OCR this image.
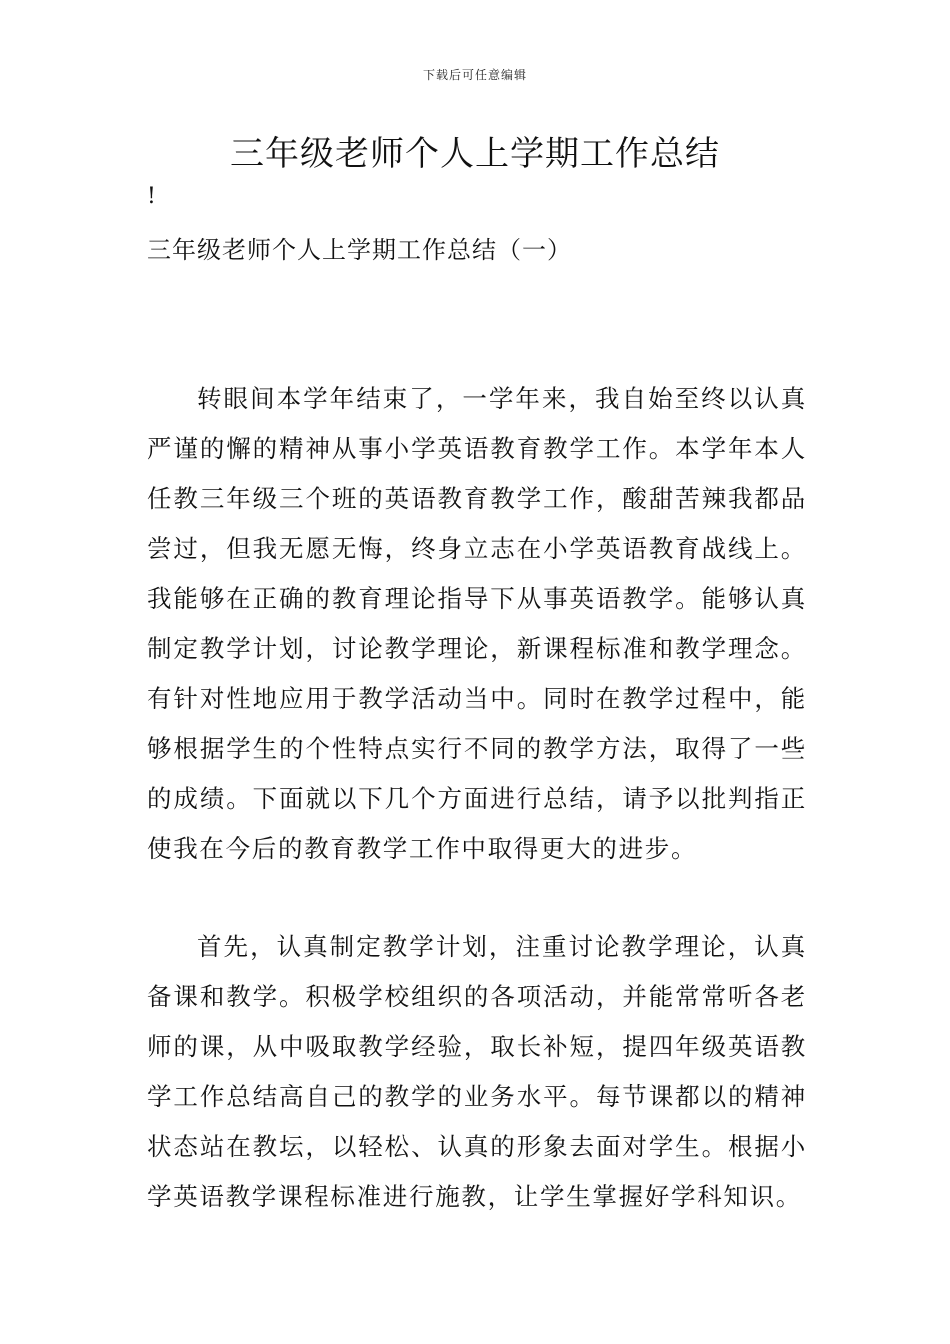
下载后可任意编辑
三年级老师个人上学期工作总结
!
三年级老师个人上学期工作总结（一）

转眼间本学年结束了，一学年来，我自始至终以认真严谨的懈的精神从事小学英语教育教学工作。本学年本人任教三年级三个班的英语教育教学工作，酸甜苦辣我都品尝过，但我无愿无悔，终身立志在小学英语教育战线上。我能够在正确的教育理论指导下从事英语教学。能够认真制定教学计划，讨论教学理论，新课程标准和教学理念。有针对性地应用于教学活动当中。同时在教学过程中，能够根据学生的个性特点实行不同的教学方法，取得了一些的成绩。下面就以下几个方面进行总结，请予以批判指正使我在今后的教育教学工作中取得更大的进步。

首先，认真制定教学计划，注重讨论教学理论，认真备课和教学。积极学校组织的各项活动，并能常常听各老师的课，从中吸取教学经验，取长补短，提四年级英语教学工作总结高自己的教学的业务水平。每节课都以的精神状态站在教坛，以轻松、认真的形象去面对学生。根据小学英语教学课程标准进行施教，让学生掌握好学科知识。
